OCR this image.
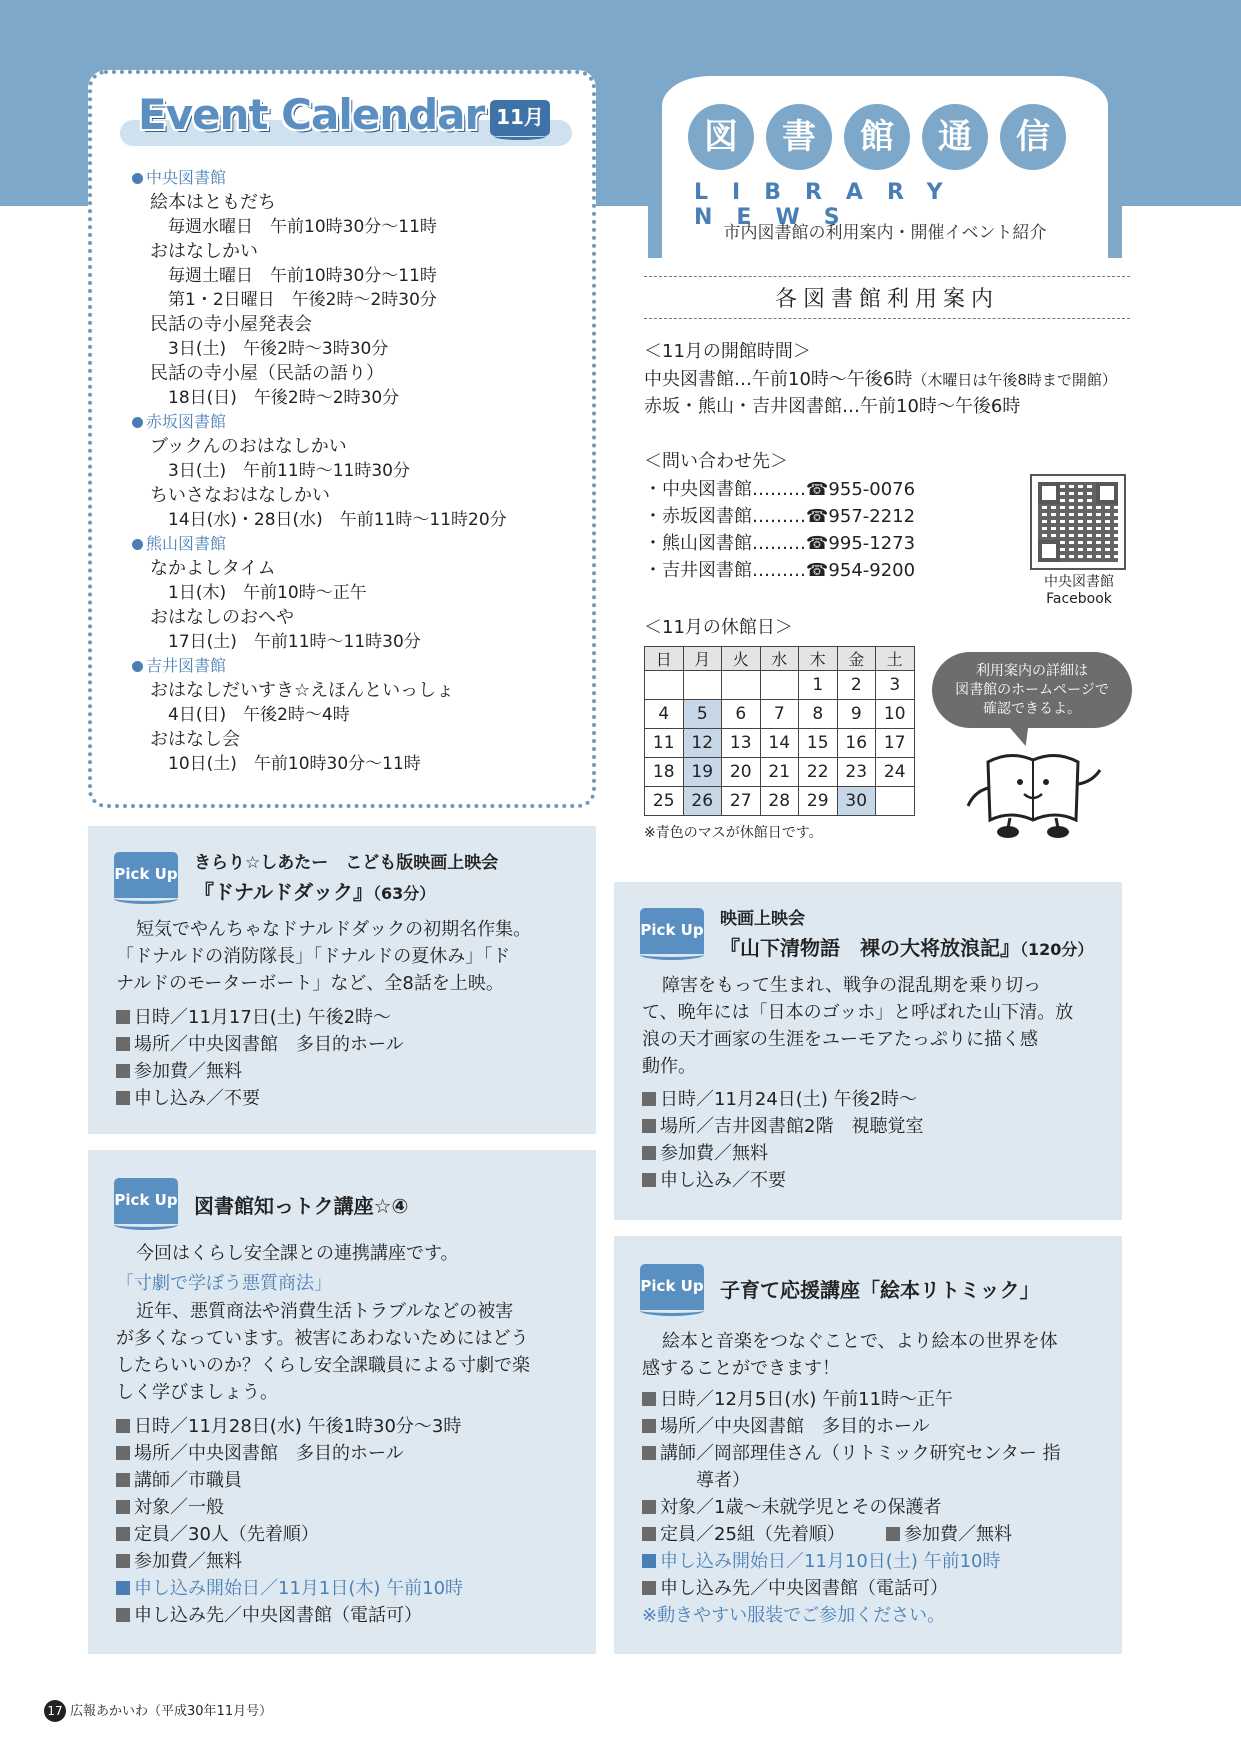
Event Calendar 11月
中央図書館
絵本はともだち
毎週水曜日　午前10時30分～11時
おはなしかい
毎週土曜日　午前10時30分～11時
第1・2日曜日　午後2時～2時30分
民話の寺小屋発表会
3日(土)　午後2時～3時30分
民話の寺小屋（民話の語り）
18日(日)　午後2時～2時30分
赤坂図書館
ブックんのおはなしかい
3日(土)　午前11時～11時30分
ちいさなおはなしかい
14日(水)・28日(水)　午前11時～11時20分
熊山図書館
なかよしタイム
1日(木)　午前10時～正午
おはなしのおへや
17日(土)　午前11時～11時30分
吉井図書館
おはなしだいすき☆えほんといっしょ
4日(日)　午後2時～4時
おはなし会
10日(土)　午前10時30分～11時
図	書	館	通	信
LIBRARY NEWS
市内図書館の利用案内・開催イベント紹介
各図書館利用案内
＜11月の開館時間＞
中央図書館…午前10時～午後6時（木曜日は午後8時まで開館）
赤坂・熊山・吉井図書館…午前10時～午後6時
＜問い合わせ先＞
・中央図書館………☎955-0076
・赤坂図書館………☎957-2212
・熊山図書館………☎995-1273
・吉井図書館………☎954-9200
中央図書館
Facebook
＜11月の休館日＞
日	月	火	水	木	金	土
				1	2	3
4	5	6	7	8	9	10
11	12	13	14	15	16	17
18	19	20	21	22	23	24
25	26	27	28	29	30	
※青色のマスが休館日です。
利用案内の詳細は
図書館のホームページで
確認できるよ。
Pick Up
きらり☆しあたー　こども版映画上映会
『ドナルドダック』（63分）
短気でやんちゃなドナルドダックの初期名作集。
「ドナルドの消防隊長」「ドナルドの夏休み」「ド
ナルドのモーターボート」など、全8話を上映。
日時／11月17日(土) 午後2時～
場所／中央図書館　多目的ホール
参加費／無料
申し込み／不要
Pick Up
映画上映会
『山下清物語　裸の大将放浪記』（120分）
障害をもって生まれ、戦争の混乱期を乗り切っ
て、晩年には「日本のゴッホ」と呼ばれた山下清。放
浪の天才画家の生涯をユーモアたっぷりに描く感
動作。
日時／11月24日(土) 午後2時～
場所／吉井図書館2階　視聴覚室
参加費／無料
申し込み／不要
Pick Up 図書館知っトク講座☆④
今回はくらし安全課との連携講座です。
「寸劇で学ぼう悪質商法」
近年、悪質商法や消費生活トラブルなどの被害
が多くなっています。被害にあわないためにはどう
したらいいのか？くらし安全課職員による寸劇で楽
しく学びましょう。
日時／11月28日(水) 午後1時30分～3時
場所／中央図書館　多目的ホール
講師／市職員
対象／一般
定員／30人（先着順）
参加費／無料
申し込み開始日／11月1日(木) 午前10時
申し込み先／中央図書館（電話可）
Pick Up 子育て応援講座「絵本リトミック」
絵本と音楽をつなぐことで、より絵本の世界を体
感することができます！
日時／12月5日(水) 午前11時～正午
場所／中央図書館　多目的ホール
講師／岡部理佳さん（リトミック研究センター 指
導者）
対象／1歳～未就学児とその保護者
定員／25組（先着順）	参加費／無料
申し込み開始日／11月10日(土) 午前10時
申し込み先／中央図書館（電話可）
※動きやすい服装でご参加ください。
17 広報あかいわ（平成30年11月号）
